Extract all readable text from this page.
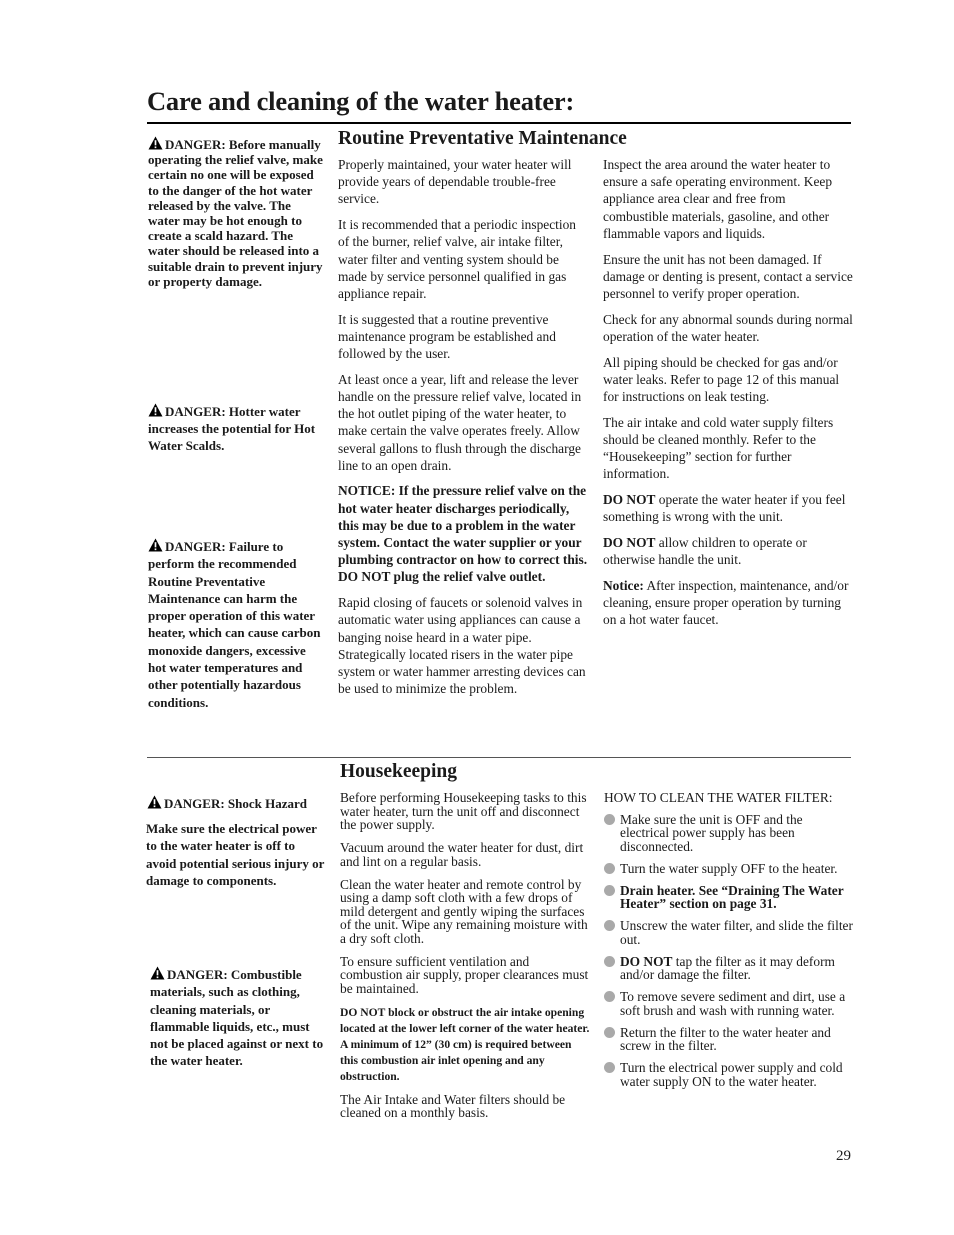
Care and cleaning of the water heater:

DANGER: Before manually operating the relief valve, make certain no one will be exposed to the danger of the hot water released by the valve. The water may be hot enough to create a scald hazard. The water should be released into a suitable drain to prevent injury or property damage.

DANGER: Hotter water increases the potential for Hot Water Scalds.

DANGER: Failure to perform the recommended Routine Preventative Maintenance can harm the proper operation of this water heater, which can cause carbon monoxide dangers, excessive

hot water temperatures and other potentially hazardous conditions.

Routine Preventative Maintenance

Properly maintained, your water heater will provide years of dependable trouble-free service.

It is recommended that a periodic inspection of the burner, relief valve, air intake filter, water filter and venting system should be made by service personnel qualified in gas appliance repair.

It is suggested that a routine preventive maintenance program be established and followed by the user.

At least once a year, lift and release the lever handle on the pressure relief valve, located in the hot outlet piping of the water heater, to make certain the valve operates freely. Allow several gallons to flush through the discharge line to an open drain.

NOTICE: If the pressure relief valve on the hot water heater discharges periodically, this may be due to a problem in the water system. Contact the water supplier or your plumbing contractor on how to correct this. DO NOT plug the relief valve outlet.

Rapid closing of faucets or solenoid valves in automatic water using appliances can cause a banging noise heard in a water pipe. Strategically located risers in the water pipe system or water hammer arresting devices can be used to minimize the problem.

Inspect the area around the water heater to ensure a safe operating environment. Keep appliance area clear and free from combustible materials, gasoline, and other flammable vapors and liquids.

Ensure the unit has not been damaged. If damage or denting is present, contact a service personnel to verify proper operation.

Check for any abnormal sounds during normal operation of the water heater.

All piping should be checked for gas and/or water leaks. Refer to page 12 of this manual for instructions on leak testing.

The air intake and cold water supply filters should be cleaned monthly. Refer to the “Housekeeping” section for further information.

DO NOT operate the water heater if you feel something is wrong with the unit.

DO NOT allow children to operate or otherwise handle the unit.

Notice: After inspection, maintenance, and/or cleaning, ensure proper operation by turning on a hot water faucet.

DANGER: Shock Hazard

Make sure the electrical power to the water heater is off to avoid potential serious injury or damage to components.

DANGER: Combustible materials, such as clothing, cleaning materials, or flammable liquids, etc., must not be placed against or next to the water heater.

Housekeeping

Before performing Housekeeping tasks to this water heater, turn the unit off and disconnect the power supply.

Vacuum around the water heater for dust, dirt and lint on a regular basis.

Clean the water heater and remote control by using a damp soft cloth with a few drops of mild detergent and gently wiping the surfaces of the unit. Wipe any remaining moisture with a dry soft cloth.

To ensure sufficient ventilation and combustion air supply, proper clearances must be maintained.

DO NOT block or obstruct the air intake opening located at the lower left corner of the water heater. A minimum of 12” (30 cm) is required between this combustion air inlet opening and any obstruction.

The Air Intake and Water filters should be cleaned on a monthly basis.

HOW TO CLEAN THE WATER FILTER:

Make sure the unit is OFF and the electrical power supply has been disconnected.
Turn the water supply OFF to the heater.
Drain heater. See “Draining The Water Heater” section on page 31.
Unscrew the water filter, and slide the filter out.
DO NOT tap the filter as it may deform and/or damage the filter.
To remove severe sediment and dirt, use a soft brush and wash with running water.
Return the filter to the water heater and screw in the filter.
Turn the electrical power supply and cold water supply ON to the water heater.
29
